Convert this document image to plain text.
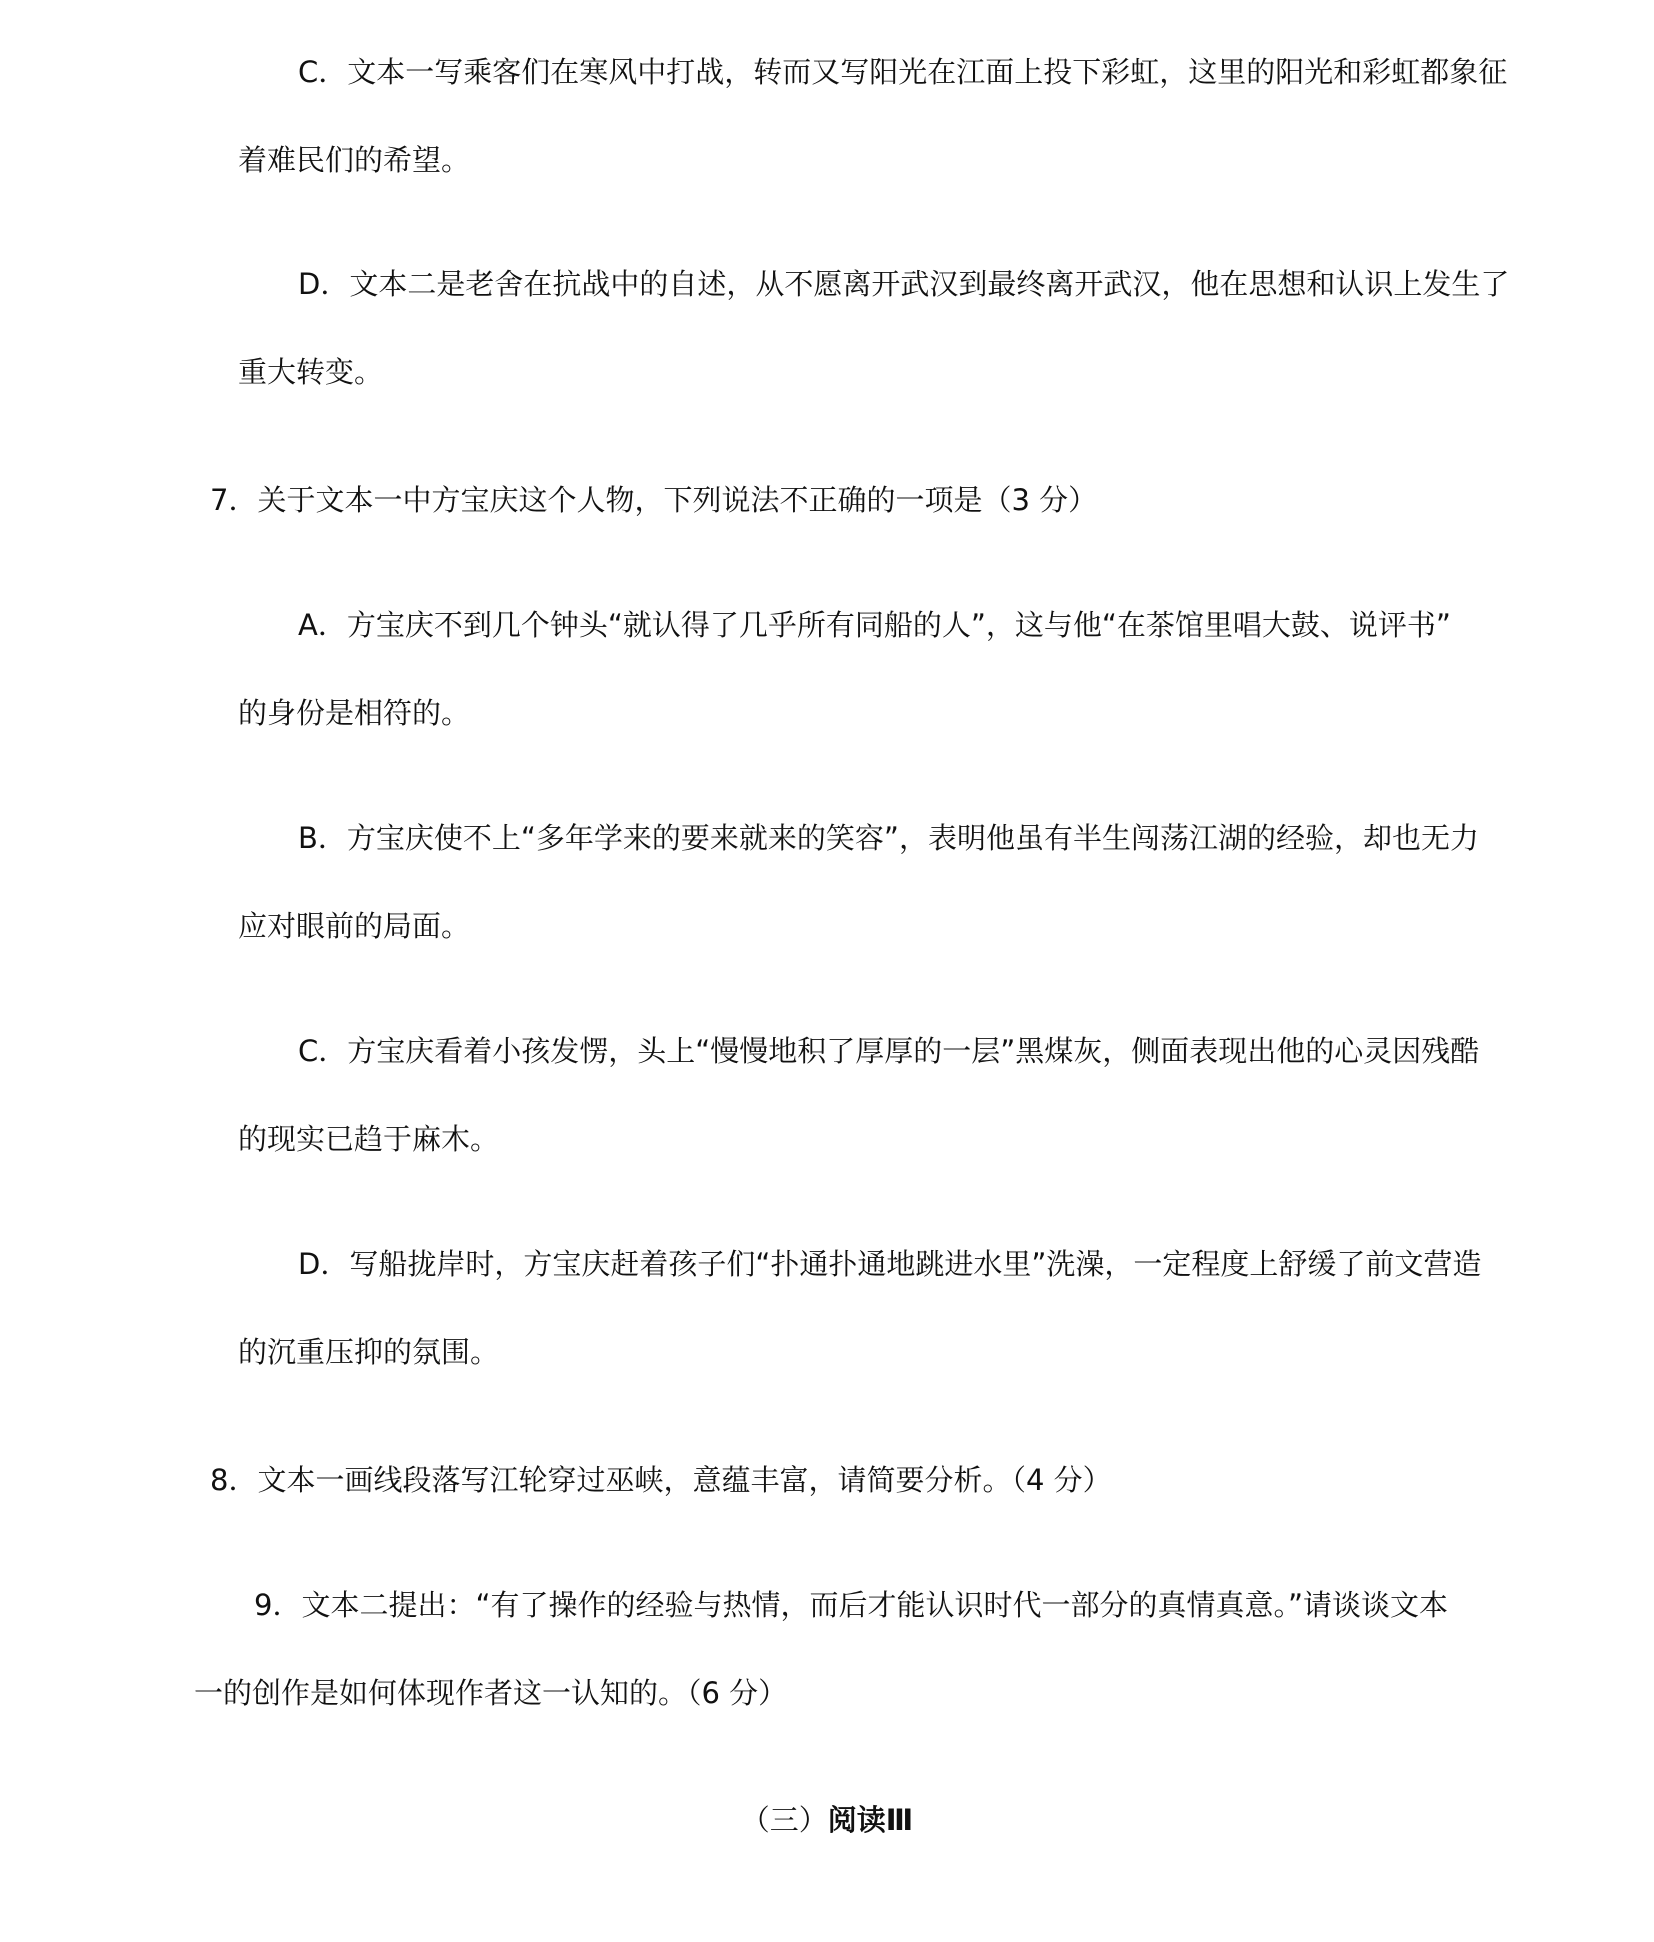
C．文本一写乘客们在寒风中打战，转而又写阳光在江面上投下彩虹，这里的阳光和彩虹都象征
着难民们的希望。
D．文本二是老舍在抗战中的自述，从不愿离开武汉到最终离开武汉，他在思想和认识上发生了
重大转变。
7．关于文本一中方宝庆这个人物，下列说法不正确的一项是（3 分）
A．方宝庆不到几个钟头“就认得了几乎所有同船的人”，这与他“在茶馆里唱大鼓、说评书”
的身份是相符的。
B．方宝庆使不上“多年学来的要来就来的笑容”，表明他虽有半生闯荡江湖的经验，却也无力
应对眼前的局面。
C．方宝庆看着小孩发愣，头上“慢慢地积了厚厚的一层”黑煤灰，侧面表现出他的心灵因残酷
的现实已趋于麻木。
D．写船拢岸时，方宝庆赶着孩子们“扑通扑通地跳进水里”洗澡，一定程度上舒缓了前文营造
的沉重压抑的氛围。
8．文本一画线段落写江轮穿过巫峡，意蕴丰富，请简要分析。（4 分）
9．文本二提出：“有了操作的经验与热情，而后才能认识时代一部分的真情真意。”请谈谈文本
一的创作是如何体现作者这一认知的。（6 分）
（三）阅读Ⅲ
